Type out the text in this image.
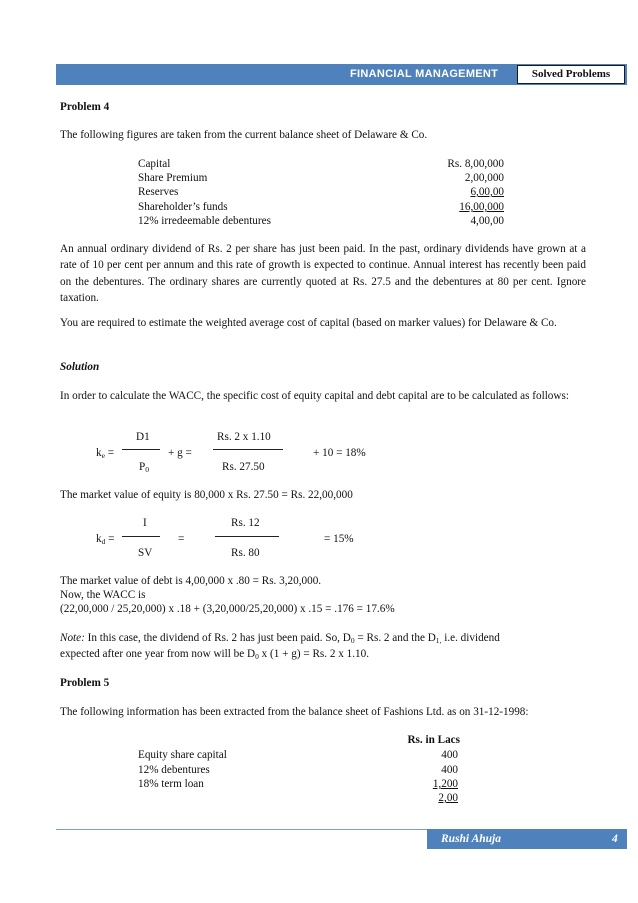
FINANCIAL MANAGEMENT	Solved Problems
Problem 4
The following figures are taken from the current balance sheet of Delaware & Co.
Capital	Rs. 8,00,000
Share Premium	2,00,000
Reserves	6,00,00
Shareholder’s funds	16,00,000
12% irredeemable debentures	4,00,00
An annual ordinary dividend of Rs. 2 per share has just been paid. In the past, ordinary dividends have grown at a rate of 10 per cent per annum and this rate of growth is expected to continue. Annual interest has recently been paid on the debentures. The ordinary shares are currently quoted at Rs. 27.5 and the debentures at 80 per cent. Ignore taxation.
You are required to estimate the weighted average cost of capital (based on marker values) for Delaware & Co.
Solution
In order to calculate the WACC, the specific cost of equity capital and debt capital are to be calculated as follows:
$k_e$ =
D1
$P_0$
+ g =
Rs. 2 x 1.10
Rs. 27.50
+ 10 = 18%
The market value of equity is 80,000 x Rs. 27.50 = Rs. 22,00,000
$k_d$ =
I
SV
=
Rs. 12
Rs. 80
= 15%
The market value of debt is 4,00,000 x .80 = Rs. 3,20,000.
Now, the WACC is
(22,00,000 / 25,20,000) x .18 + (3,20,000/25,20,000) x .15 = .176 = 17.6%
Note: In this case, the dividend of Rs. 2 has just been paid. So, $D_0 = Rs$. 2 and the $D_{1,}$ i.e. dividend
expected after one year from now will be $D_0$ x (1 + g) = Rs. 2 x 1.10.
Problem 5
The following information has been extracted from the balance sheet of Fashions Ltd. as on 31-12-1998:
Rs. in Lacs
Equity share capital	400
12% debentures	400
18% term loan	1,200
2,00
Rushi Ahuja	4
